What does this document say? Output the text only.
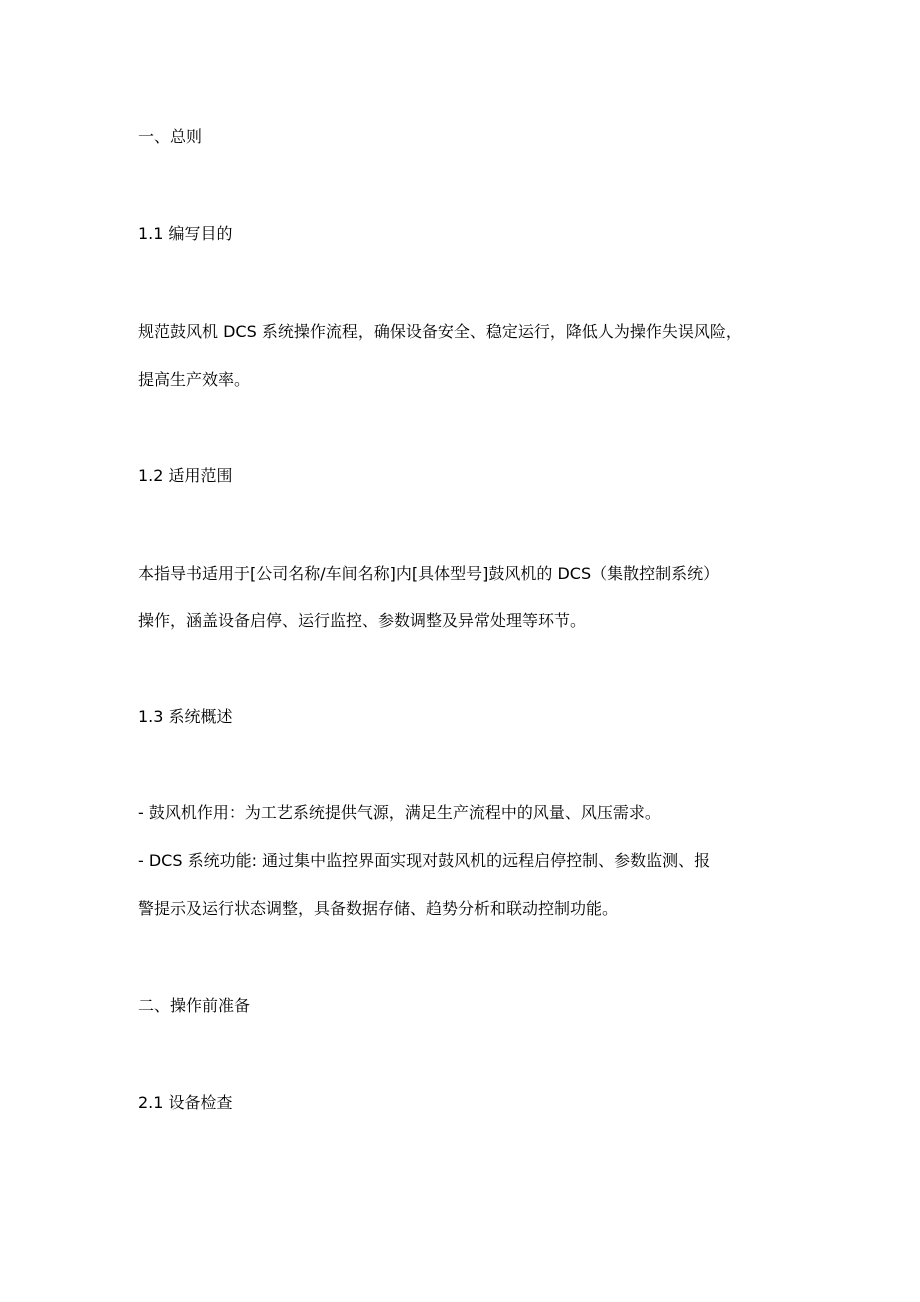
一、总则
1.1 编写目的

规范鼓风机 DCS 系统操作流程，确保设备安全、稳定运行，降低人为操作失误风险，

提高生产效率。

1.2 适用范围

本指导书适用于[公司名称/车间名称]内[具体型号]鼓风机的 DCS（集散控制系统）

操作，涵盖设备启停、运行监控、参数调整及异常处理等环节。

1.3 系统概述

- 鼓风机作用：为工艺系统提供气源，满足生产流程中的风量、风压需求。

- DCS 系统功能: 通过集中监控界面实现对鼓风机的远程启停控制、参数监测、报

警提示及运行状态调整，具备数据存储、趋势分析和联动控制功能。

二、操作前准备
2.1 设备检查
